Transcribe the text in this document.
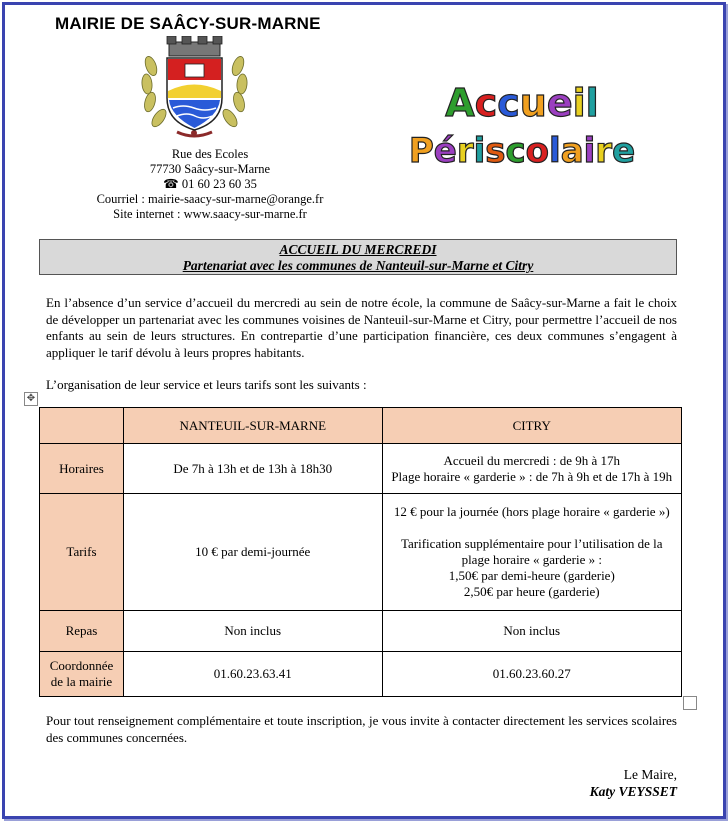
MAIRIE DE SAÂCY-SUR-MARNE
Rue des Ecoles
77730 Saâcy-sur-Marne
☎ 01 60 23 60 35
Courriel : mairie-saacy-sur-marne@orange.fr
Site internet : www.saacy-sur-marne.fr
Accueil
Périscolaire
ACCUEIL DU MERCREDI
Partenariat avec les communes de Nanteuil-sur-Marne et Citry
En l’absence d’un service d’accueil du mercredi au sein de notre école, la commune de Saâcy-sur-Marne a fait le choix de développer un partenariat avec les communes voisines de Nanteuil-sur-Marne et Citry, pour permettre l’accueil de nos enfants au sein de leurs structures. En contrepartie d’une participation financière, ces deux communes s’engagent à appliquer le tarif dévolu à leurs propres habitants.
L’organisation de leur service et leurs tarifs sont les suivants :
✥
	NANTEUIL-SUR-MARNE	CITRY
Horaires	De 7h à 13h et de 13h à 18h30	Accueil du mercredi : de 9h à 17h
Plage horaire « garderie » : de 7h à 9h et de 17h à 19h

Tarifs	10 € par demi-journée	12 € pour la journée (hors plage horaire « garderie »)
Tarification supplémentaire pour l’utilisation de la plage horaire « garderie » :
1,50€ par demi-heure (garderie)
2,50€ par heure (garderie)

Repas	Non inclus	Non inclus

Coordonnée
de la mairie	01.60.23.63.41	01.60.23.60.27
Pour tout renseignement complémentaire et toute inscription, je vous invite à contacter directement les services scolaires des communes concernées.
Le Maire,
Katy VEYSSET
